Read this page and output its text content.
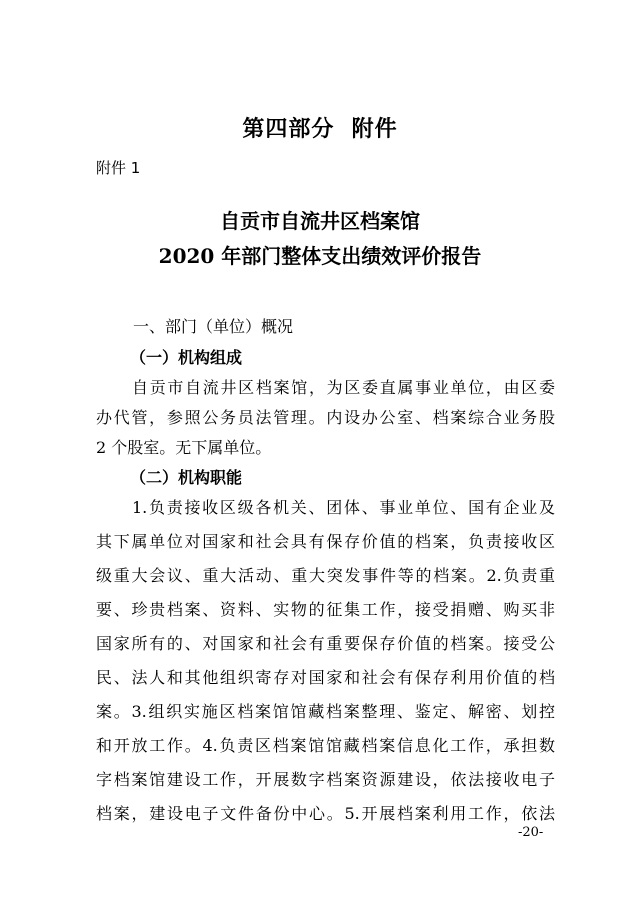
第四部分  附件
附件 1
自贡市自流井区档案馆
2020 年部门整体支出绩效评价报告
一、部门（单位）概况
（一）机构组成
自贡市自流井区档案馆，为区委直属事业单位，由区委
办代管，参照公务员法管理。内设办公室、档案综合业务股
2 个股室。无下属单位。
（二）机构职能
1.负责接收区级各机关、团体、事业单位、国有企业及
其下属单位对国家和社会具有保存价值的档案，负责接收区
级重大会议、重大活动、重大突发事件等的档案。2.负责重
要、珍贵档案、资料、实物的征集工作，接受捐赠、购买非
国家所有的、对国家和社会有重要保存价值的档案。接受公
民、法人和其他组织寄存对国家和社会有保存利用价值的档
案。3.组织实施区档案馆馆藏档案整理、鉴定、解密、划控
和开放工作。4.负责区档案馆馆藏档案信息化工作，承担数
字档案馆建设工作，开展数字档案资源建设，依法接收电子
档案，建设电子文件备份中心。5.开展档案利用工作，依法
-20-
